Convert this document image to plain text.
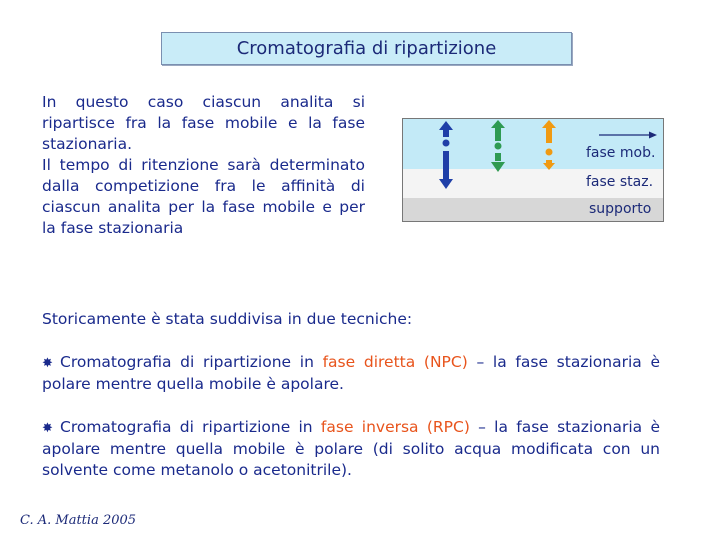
Cromatografia di ripartizione

In questo caso ciascun analita si ripartisce fra la fase mobile e la fase stazionaria.

Il tempo di ritenzione sarà determinato dalla competizione fra le affinità di ciascun analita per la fase mobile e per la fase stazionaria

fase mob.
fase staz.
supporto
Storicamente è stata suddivisa in due tecniche:
✸ Cromatografia di ripartizione in fase diretta (NPC) – la fase stazionaria è polare mentre quella mobile è apolare.
✸ Cromatografia di ripartizione in fase inversa (RPC) – la fase stazionaria è apolare mentre quella mobile è polare (di solito acqua modificata con un solvente come metanolo o acetonitrile).
C. A. Mattia 2005
